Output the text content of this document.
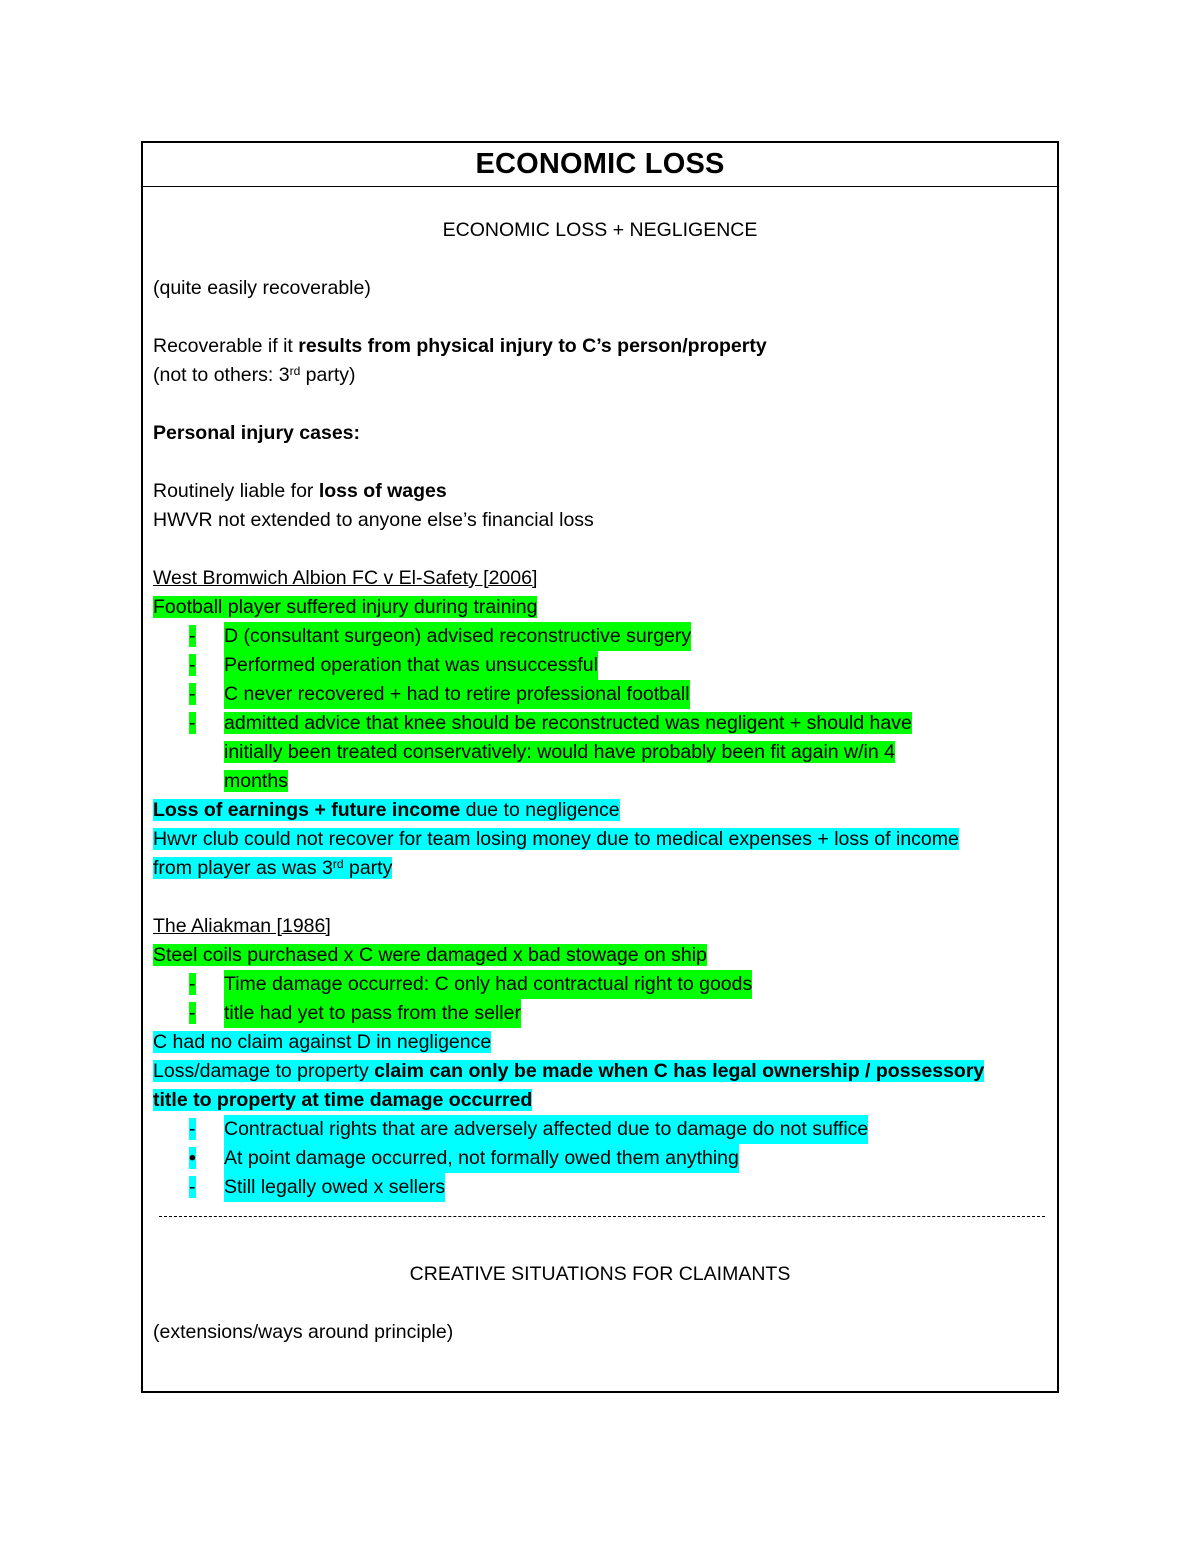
ECONOMIC LOSS
ECONOMIC LOSS + NEGLIGENCE
(quite easily recoverable)
Recoverable if it results from physical injury to C’s person/property
(not to others: 3rd party)
Personal injury cases:
Routinely liable for loss of wages
HWVR not extended to anyone else’s financial loss
West Bromwich Albion FC v El-Safety [2006]
Football player suffered injury during training
-	D (consultant surgeon) advised reconstructive surgery
-	Performed operation that was unsuccessful
-	C never recovered + had to retire professional football
-	admitted advice that knee should be reconstructed was negligent + should have
initially been treated conservatively: would have probably been fit again w/in 4
months
Loss of earnings + future income due to negligence
Hwvr club could not recover for team losing money due to medical expenses + loss of income
from player as was 3rd party
The Aliakman [1986]
Steel coils purchased x C were damaged x bad stowage on ship
-	Time damage occurred: C only had contractual right to goods
-	title had yet to pass from the seller
C had no claim against D in negligence
Loss/damage to property claim can only be made when C has legal ownership / possessory
title to property at time damage occurred
-	Contractual rights that are adversely affected due to damage do not suffice
•	At point damage occurred, not formally owed them anything
-	Still legally owed x sellers
CREATIVE SITUATIONS FOR CLAIMANTS
(extensions/ways around principle)
